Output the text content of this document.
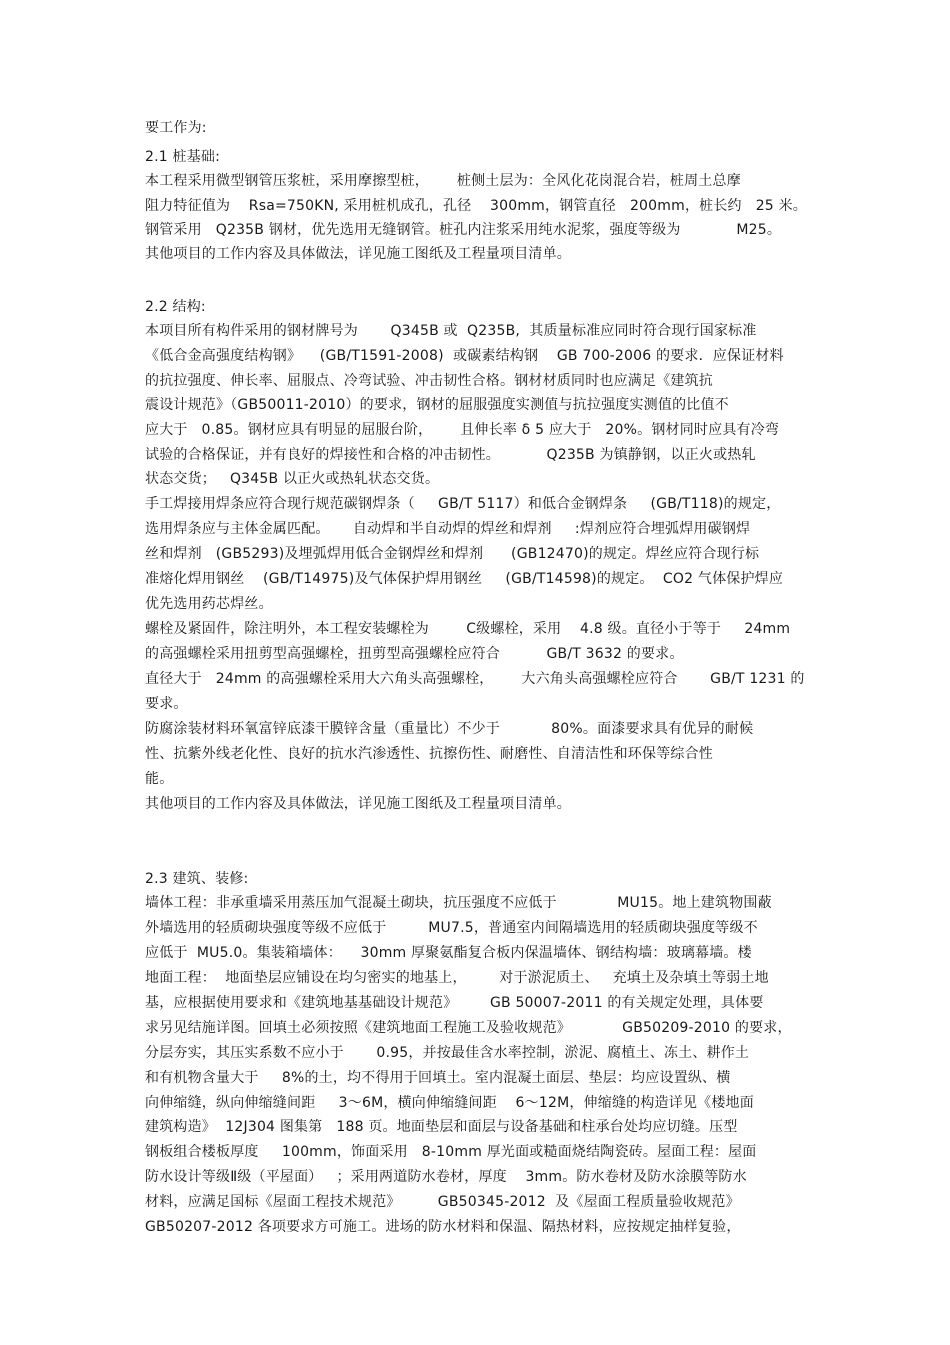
要工作为:
2.1 桩基础:
本工程采用微型钢管压浆桩，采用摩擦型桩，      桩侧土层为：全风化花岗混合岩，桩周土总摩
阻力特征值为    Rsa=750KN, 采用桩机成孔，孔径    300mm，钢管直径   200mm，桩长约   25 米。
钢管采用   Q235B 钢材，优先选用无缝钢管。桩孔内注浆采用纯水泥浆，强度等级为            M25。
其他项目的工作内容及具体做法，详见施工图纸及工程量项目清单。
2.2 结构:
本项目所有构件采用的钢材牌号为       Q345B 或  Q235B,  其质量标准应同时符合现行国家标准
《低合金高强度结构钢》    (GB/T1591-2008)  或碳素结构钢    GB 700-2006 的要求．应保证材料
的抗拉强度、伸长率、屈服点、冷弯试验、冲击韧性合格。钢材材质同时也应满足《建筑抗
震设计规范》（GB50011-2010）的要求，钢材的屈服强度实测值与抗拉强度实测值的比值不
应大于   0.85。钢材应具有明显的屈服台阶，      且伸长率 δ 5 应大于   20%。钢材同时应具有冷弯
试验的合格保证，并有良好的焊接性和合格的冲击韧性。          Q235B 为镇静钢，以正火或热轧
状态交货；   Q345B 以正火或热轧状态交货。
手工焊接用焊条应符合现行规范碳钢焊条（     GB/T 5117）和低合金钢焊条     (GB/T118)的规定，
选用焊条应与主体金属匹配。     自动焊和半自动焊的焊丝和焊剂     :焊剂应符合埋弧焊用碳钢焊
丝和焊剂   (GB5293)及埋弧焊用低合金钢焊丝和焊剂      (GB12470)的规定。焊丝应符合现行标
准熔化焊用钢丝    (GB/T14975)及气体保护焊用钢丝     (GB/T14598)的规定。  CO2 气体保护焊应
优先选用药芯焊丝。
螺栓及紧固件，除注明外，本工程安装螺栓为        C级螺栓，采用    4.8 级。直径小于等于     24mm
的高强螺栓采用扭剪型高强螺栓，扭剪型高强螺栓应符合          GB/T 3632 的要求。
直径大于   24mm 的高强螺栓采用大六角头高强螺栓，      大六角头高强螺栓应符合       GB/T 1231 的
要求。
防腐涂装材料环氧富锌底漆干膜锌含量（重量比）不少于           80%。面漆要求具有优异的耐候
性、抗紫外线老化性、良好的抗水汽渗透性、抗擦伤性、耐磨性、自清洁性和环保等综合性
能。
其他项目的工作内容及具体做法，详见施工图纸及工程量项目清单。
2.3 建筑、装修:
墙体工程：非承重墙采用蒸压加气混凝土砌块，抗压强度不应低于             MU15。地上建筑物围蔽
外墙选用的轻质砌块强度等级不应低于         MU7.5，普通室内间隔墙选用的轻质砌块强度等级不
应低于  MU5.0。集装箱墙体：    30mm 厚聚氨酯复合板内保温墙体、钢结构墙：玻璃幕墙。楼
地面工程：  地面垫层应铺设在均匀密实的地基上，       对于淤泥质土、   充填土及杂填土等弱土地
基，应根据使用要求和《建筑地基基础设计规范》       GB 50007-2011 的有关规定处理，具体要
求另见结施详图。回填土必须按照《建筑地面工程施工及验收规范》           GB50209-2010 的要求，
分层夯实，其压实系数不应小于       0.95，并按最佳含水率控制，淤泥、腐植土、冻土、耕作土
和有机物含量大于     8%的土，均不得用于回填土。室内混凝土面层、垫层：均应设置纵、横
向伸缩缝，纵向伸缩缝间距     3～6M，横向伸缩缝间距    6～12M，伸缩缝的构造详见《楼地面
建筑构造》  12J304 图集第   188 页。地面垫层和面层与设备基础和柱承台处均应切缝。压型
钢板组合楼板厚度     100mm，饰面采用   8-10mm 厚光面或糙面烧结陶瓷砖。屋面工程：屋面
防水设计等级Ⅱ级（平屋面）   ；采用两道防水卷材，厚度    3mm。防水卷材及防水涂膜等防水
材料，应满足国标《屋面工程技术规范》        GB50345-2012  及《屋面工程质量验收规范》
GB50207-2012 各项要求方可施工。进场的防水材料和保温、隔热材料，应按规定抽样复验，
